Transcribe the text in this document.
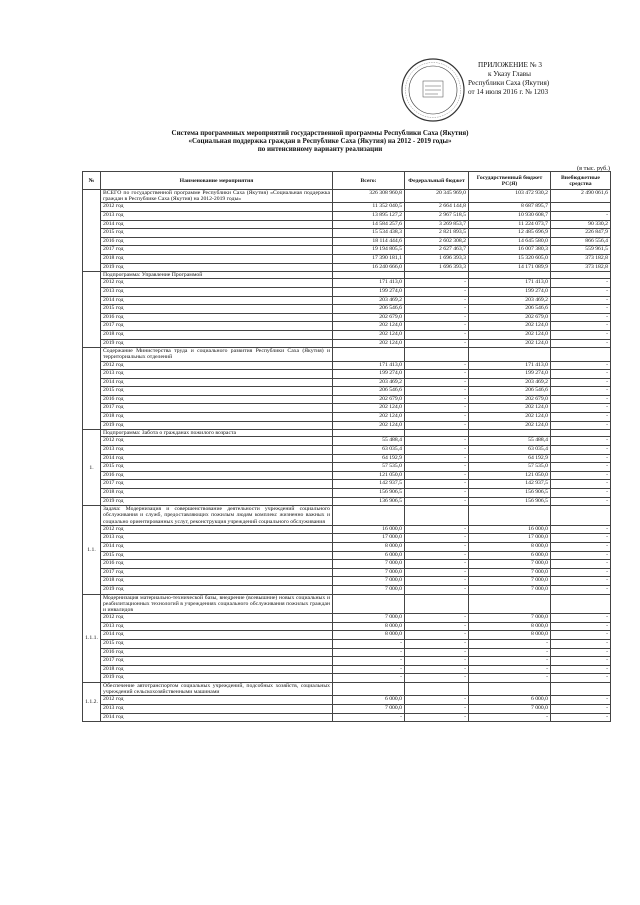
ПРИЛОЖЕНИЕ № 3
к Указу Главы
Республики Саха (Якутия)
от 14 июля 2016 г. № 1203
Система программных мероприятий государственной программы Республики Саха (Якутия)
«Социальная поддержка граждан в Республике Саха (Якутия) на 2012 - 2019 годы»
по интенсивному варианту реализации
(в тыс. руб.)
№	Наименование мероприятия	Всего:	Федеральный бюджет	Государственный бюджет РС(Я)	Внебюджетные средства
	ВСЕГО по государственной программе Республики Саха (Якутия) «Социальная поддержка граждан в Республике Саха (Якутия) на 2012-2019 годы»	326 308 960,8	20 345 969,0	103 472 930,2	2 490 061,6
	2012 год	11 352 040,5	2 664 144,8	8 687 895,7	
	2013 год	13 895 127,2	2 967 518,5	10 930 608,7	-
	2014 год	14 584 257,6	3 269 853,7	11 224 073,7	90 330,2
	2015 год	15 534 438,3	2 821 893,5	12 485 696,9	226 847,9
	2016 год	18 114 444,6	2 602 308,2	14 645 580,0	866 556,4
	2017 год	19 194 805,5	2 627 463,7	16 007 380,3	559 961,5
	2018 год	17 390 181,1	1 696 393,3	15 320 605,0	373 182,8
	2019 год	16 240 666,0	1 696 393,3	14 171 089,9	373 182,8
	Подпрограмма: Управление Программой				
	2012 год	171 413,0	-	171 413,0	-
	2013 год	199 274,0	-	199 274,0	-
	2014 год	203 469,2	-	203 469,2	-
	2015 год	206 546,6	-	206 546,6	-
	2016 год	202 679,0	-	202 679,0	-
	2017 год	202 124,0	-	202 124,0	-
	2018 год	202 124,0	-	202 124,0	-
	2019 год	202 124,0	-	202 124,0	-
	Содержание Министерства труда и социального развития Республики Саха (Якутия) и территориальных отделений				
	2012 год	171 413,0	-	171 413,0	-
	2013 год	199 274,0	-	199 274,0	-
	2014 год	203 469,2	-	203 469,2	-
	2015 год	206 546,6	-	206 546,6	-
	2016 год	202 679,0	-	202 679,0	-
	2017 год	202 124,0	-	202 124,0	-
	2018 год	202 124,0	-	202 124,0	-
	2019 год	202 124,0	-	202 124,0	-
1.	Подпрограмма: Забота о гражданах пожилого возраста				
	2012 год	55 488,4	-	55 488,4	-
	2013 год	63 035,4	-	63 035,4	-
	2014 год	64 192,9	-	64 192,9	-
	2015 год	57 535,0	-	57 535,0	-
	2016 год	121 050,0	-	121 050,0	-
	2017 год	142 937,5	-	142 937,5	-
	2018 год	156 906,5	-	156 906,5	-
	2019 год	136 906,5	-	156 906,5	-
1.1.	Задача: Модернизация и совершенствование деятельности учреждений социального обслуживания и служб, предоставляющих пожилым людям комплекс жизненно важных и социально ориентированных услуг, реконструкция учреждений социального обслуживания				
	2012 год	16 000,0	-	16 000,0	-
	2013 год	17 000,0	-	17 000,0	-
	2014 год	8 000,0	-	8 000,0	-
	2015 год	6 000,0	-	6 000,0	-
	2016 год	7 000,0	-	7 000,0	-
	2017 год	7 000,0	-	7 000,0	-
	2018 год	7 000,0	-	7 000,0	-
	2019 год	7 000,0	-	7 000,0	-
1.1.1.	Модернизация материально-технической базы, внедрение (всевышние) новых социальных и реабилитационных технологий в учреждениях социального обслуживания пожилых граждан и инвалидов				
	2012 год	7 000,0	-	7 000,0	-
	2013 год	8 000,0	-	8 000,0	-
	2014 год	8 000,0	-	8 000,0	-
	2015 год	-	-	-	-
	2016 год	-	-	-	-
	2017 год	-	-	-	-
	2018 год	-	-	-	-
	2019 год	-	-	-	-
1.1.2.	Обеспечение автотранспортом социальных учреждений, подсобных хозяйств, социальных учреждений сельскохозяйственными машинами				
	2012 год	6 000,0	-	6 000,0	-
	2013 год	7 000,0	-	7 000,0	-
	2014 год	-	-	-	-
